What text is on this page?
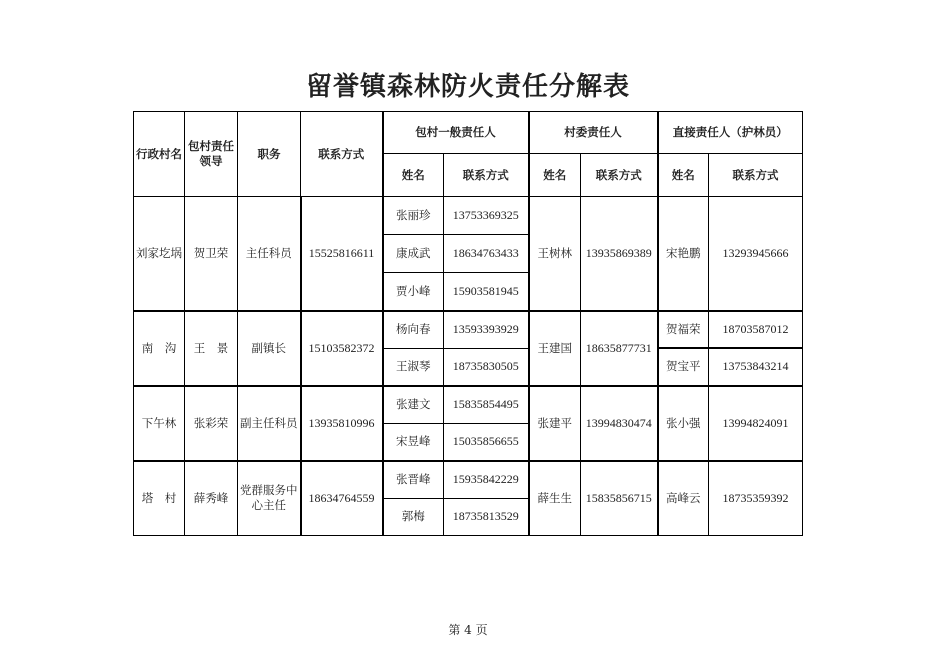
留誉镇森林防火责任分解表
行政村名	包村责任领导	职务	联系方式	包村一般责任人		村委责任人		直接责任人（护林员）	
				姓名	联系方式	姓名	联系方式	姓名	联系方式
刘家圪埚	贺卫荣	主任科员	15525816611	张丽珍	13753369325	王树林	13935869389	宋艳鹏	13293945666
				康成武	18634763433				
				贾小峰	15903581945				
南　沟	王　景	副镇长	15103582372	杨向春	13593393929	王建国	18635877731	贺福荣	18703587012
				王淑琴	18735830505			贺宝平	13753843214
下午林	张彩荣	副主任科员	13935810996	张建文	15835854495	张建平	13994830474	张小强	13994824091
				宋昱峰	15035856655				
塔　村	薛秀峰	党群服务中心主任	18634764559	张晋峰	15935842229	薛生生	15835856715	高峰云	18735359392
				郭梅	18735813529				
第 4 页
